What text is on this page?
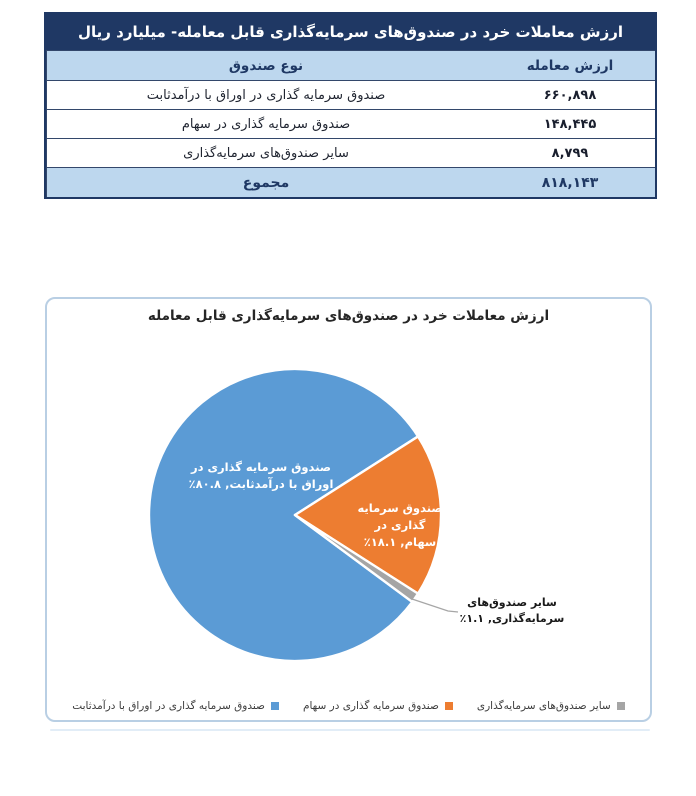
ارزش معاملات خرد در صندوق‌های سرمایه‌گذاری قابل معامله- میلیارد ریال
نوع صندوق	ارزش معامله
صندوق سرمایه گذاری در اوراق با درآمدثابت	۶۶۰,۸۹۸
صندوق سرمایه گذاری در سهام	۱۴۸,۴۴۵
سایر صندوق‌های سرمایه‌گذاری	۸,۷۹۹
مجموع	۸۱۸,۱۴۳
ارزش معاملات خرد در صندوق‌های سرمایه‌گذاری قابل معامله
صندوق سرمایه گذاری در
اوراق با درآمدثابت, ۸۰.۸٪
صندوق سرمایه گذاری در
سهام, ۱۸.۱٪
سایر صندوق‌های
سرمایه‌گذاری, ۱.۱٪
سایر صندوق‌های سرمایه‌گذاری
صندوق سرمایه گذاری در سهام
صندوق سرمایه گذاری در اوراق با درآمدثابت
